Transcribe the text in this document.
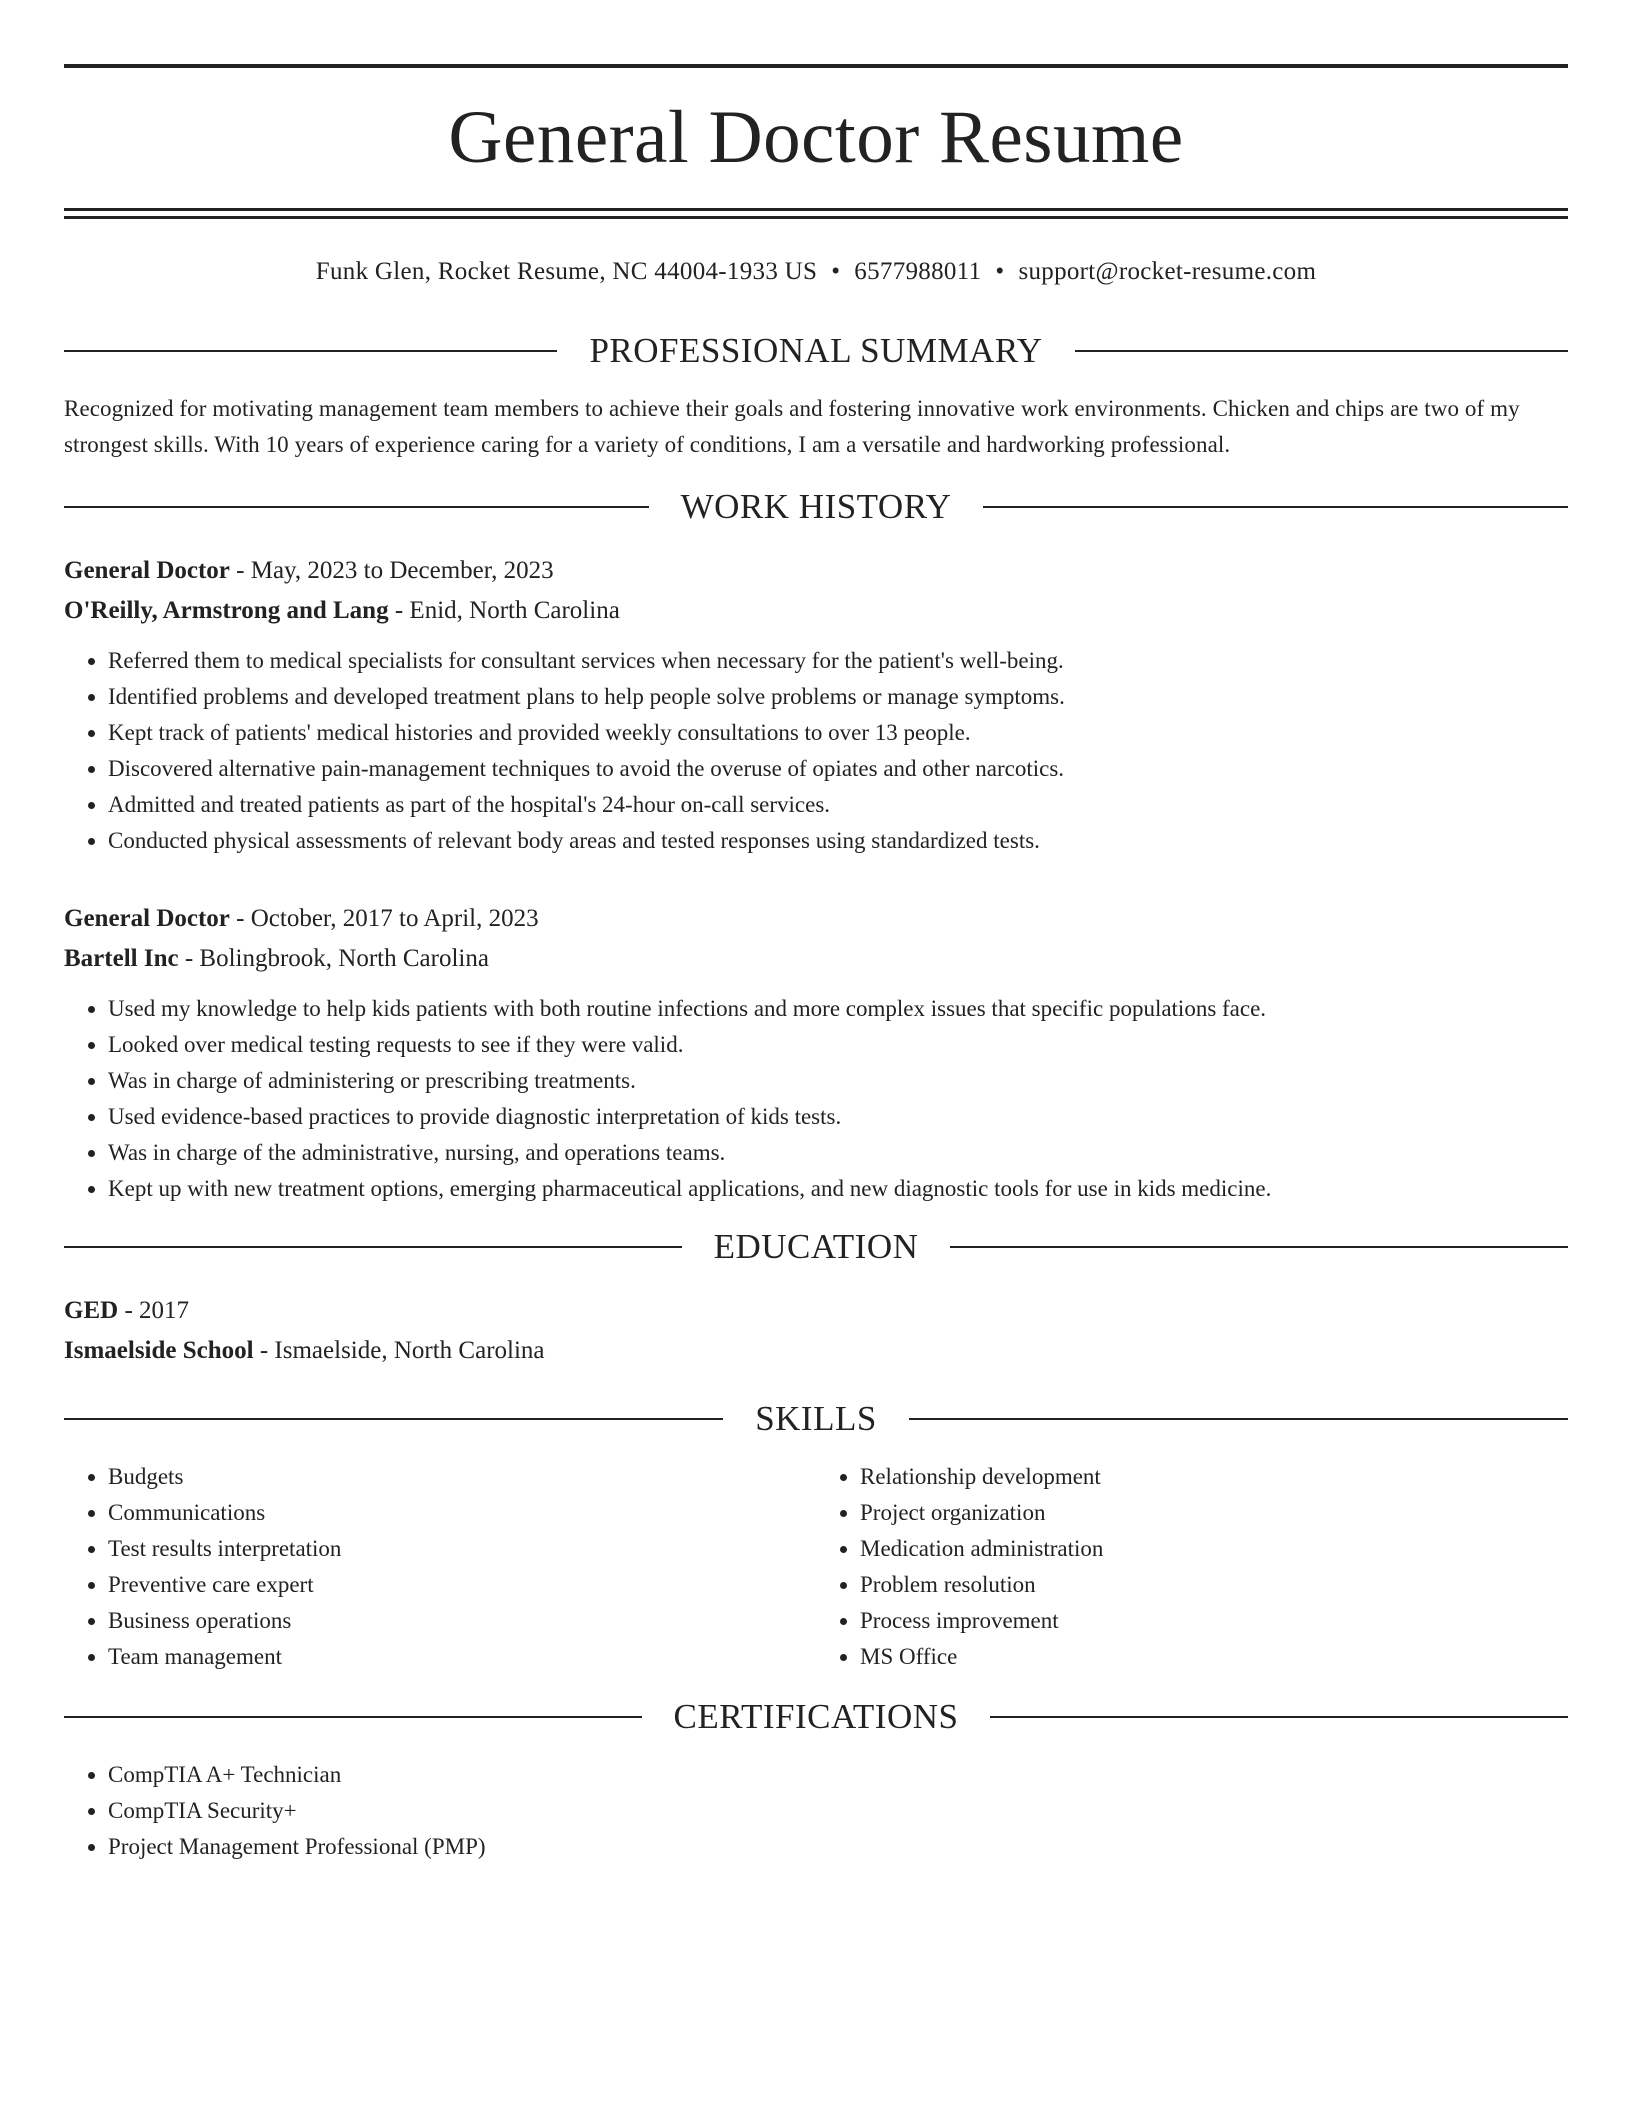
General Doctor Resume
Funk Glen, Rocket Resume, NC 44004-1933 US • 6577988011 • support@rocket-resume.com
PROFESSIONAL SUMMARY

Recognized for motivating management team members to achieve their goals and fostering innovative work environments. Chicken and chips are two of my strongest skills. With 10 years of experience caring for a variety of conditions, I am a versatile and hardworking professional.

WORK HISTORY
General Doctor - May, 2023 to December, 2023
O'Reilly, Armstrong and Lang - Enid, North Carolina
• Referred them to medical specialists for consultant services when necessary for the patient's well-being.
• Identified problems and developed treatment plans to help people solve problems or manage symptoms.
• Kept track of patients' medical histories and provided weekly consultations to over 13 people.
• Discovered alternative pain-management techniques to avoid the overuse of opiates and other narcotics.
• Admitted and treated patients as part of the hospital's 24-hour on-call services.
• Conducted physical assessments of relevant body areas and tested responses using standardized tests.
General Doctor - October, 2017 to April, 2023
Bartell Inc - Bolingbrook, North Carolina
• Used my knowledge to help kids patients with both routine infections and more complex issues that specific populations face.
• Looked over medical testing requests to see if they were valid.
• Was in charge of administering or prescribing treatments.
• Used evidence-based practices to provide diagnostic interpretation of kids tests.
• Was in charge of the administrative, nursing, and operations teams.
• Kept up with new treatment options, emerging pharmaceutical applications, and new diagnostic tools for use in kids medicine.
EDUCATION
GED - 2017
Ismaelside School - Ismaelside, North Carolina
SKILLS
• Budgets
• Communications
• Test results interpretation
• Preventive care expert
• Business operations
• Team management
• Relationship development
• Project organization
• Medication administration
• Problem resolution
• Process improvement
• MS Office
CERTIFICATIONS
• CompTIA A+ Technician
• CompTIA Security+
• Project Management Professional (PMP)
